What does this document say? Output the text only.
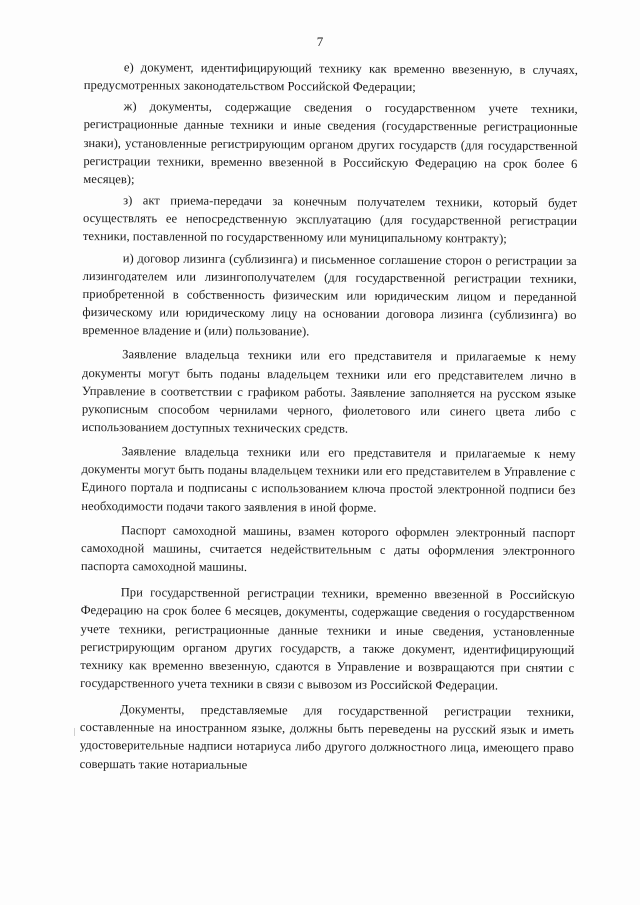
7

е) документ, идентифицирующий технику как временно ввезенную, в случаях, предусмотренных законодательством Российской Федерации;

ж) документы, содержащие сведения о государственном учете техники, регистрационные данные техники и иные сведения (государственные регистрационные знаки), установленные регистрирующим органом других государств (для государственной регистрации техники, временно ввезенной в Российскую Федерацию на срок более 6 месяцев);

з) акт приема-передачи за конечным получателем техники, который будет осуществлять ее непосредственную эксплуатацию (для государственной регистрации техники, поставленной по государственному или муниципальному контракту);

и) договор лизинга (сублизинга) и письменное соглашение сторон о регистрации за лизингодателем или лизингополучателем (для государственной регистрации техники, приобретенной в собственность физическим или юридическим лицом и переданной физическому или юридическому лицу на основании договора лизинга (сублизинга) во временное владение и (или) пользование).

Заявление владельца техники или его представителя и прилагаемые к нему документы могут быть поданы владельцем техники или его представителем лично в Управление в соответствии с графиком работы. Заявление заполняется на русском языке рукописным способом чернилами черного, фиолетового или синего цвета либо с использованием доступных технических средств.

Заявление владельца техники или его представителя и прилагаемые к нему документы могут быть поданы владельцем техники или его представителем в Управление с Единого портала и подписаны с использованием ключа простой электронной подписи без необходимости подачи такого заявления в иной форме.

Паспорт самоходной машины, взамен которого оформлен электронный паспорт самоходной машины, считается недействительным с даты оформления электронного паспорта самоходной машины.

При государственной регистрации техники, временно ввезенной в Российскую Федерацию на срок более 6 месяцев, документы, содержащие сведения о государственном учете техники, регистрационные данные техники и иные сведения, установленные регистрирующим органом других государств, а также документ, идентифицирующий технику как временно ввезенную, сдаются в Управление и возвращаются при снятии с государственного учета техники в связи с вывозом из Российской Федерации.

Документы, представляемые для государственной регистрации техники, составленные на иностранном языке, должны быть переведены на русский язык и иметь удостоверительные надписи нотариуса либо другого должностного лица, имеющего право совершать такие нотариальные
